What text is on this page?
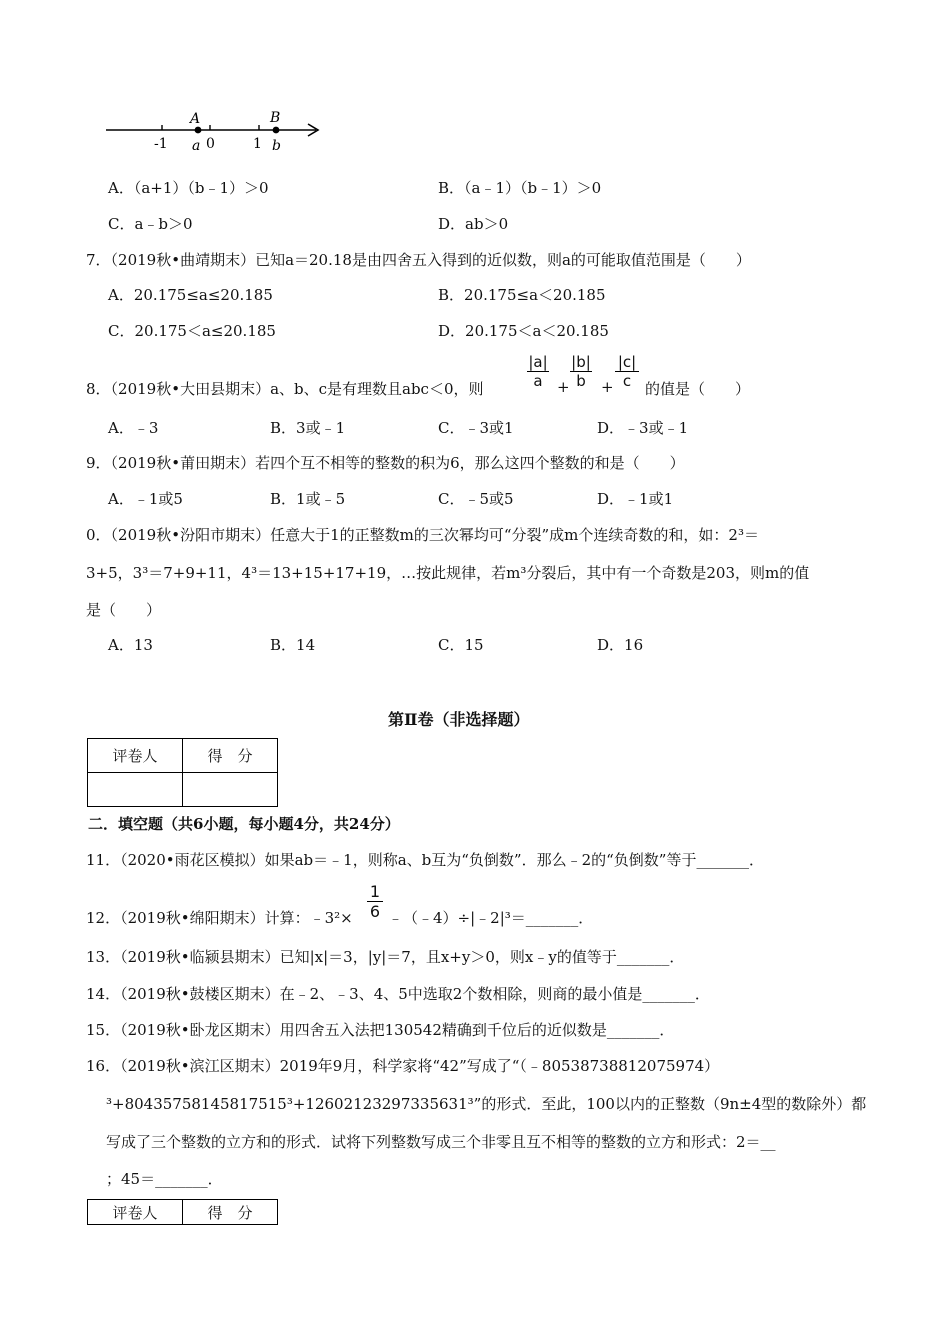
A	B
-1	0	1
a	b
A．（a+1）（b﹣1）＞0	B．（a﹣1）（b﹣1）＞0
C．a﹣b＞0	D．ab＞0
7．（2019秋•曲靖期末）已知a＝20.18是由四舍五入得到的近似数，则a的可能取值范围是（　　）
A．20.175≤a≤20.185	B．20.175≤a＜20.185
C．20.175＜a≤20.185	D．20.175＜a＜20.185
8．（2019秋•大田县期末）a、b、c是有理数且abc＜0，则	$\frac{|a|}{a} + \frac{|b|}{b} + \frac{|c|}{c}$ 的值是（　　）
A．﹣3	B．3或﹣1	C．﹣3或1	D．﹣3或﹣1
9．（2019秋•莆田期末）若四个互不相等的整数的积为6，那么这四个整数的和是（　　）
A．﹣1或5	B．1或﹣5	C．﹣5或5	D．﹣1或1
0．（2019秋•汾阳市期末）任意大于1的正整数m的三次幂均可“分裂”成m个连续奇数的和，如：2³＝
3+5，3³＝7+9+11，4³＝13+15+17+19，…按此规律，若m³分裂后，其中有一个奇数是203，则m的值
是（　　）
A．13	B．14	C．15	D．16
第Ⅱ卷（非选择题）
评卷人	得　分

二．填空题（共6小题，每小题4分，共24分）
11．（2020•雨花区模拟）如果ab＝﹣1，则称a、b互为“负倒数”．那么﹣2的“负倒数”等于_______．
12．（2019秋•绵阳期末）计算：﹣3²× $\frac{1}{6}$ ﹣（﹣4）÷|﹣2|³＝_______．
13．（2019秋•临颍县期末）已知|x|＝3，|y|＝7，且x+y＞0，则x﹣y的值等于_______．
14．（2019秋•鼓楼区期末）在﹣2、﹣3、4、5中选取2个数相除，则商的最小值是_______．
15．（2019秋•卧龙区期末）用四舍五入法把130542精确到千位后的近似数是_______．
16．（2019秋•滨江区期末）2019年9月，科学家将“42”写成了“（﹣80538738812075974）
³+80435758145817515³+12602123297335631³”的形式．至此，100以内的正整数（9n±4型的数除外）都
写成了三个整数的立方和的形式．试将下列整数写成三个非零且互不相等的整数的立方和形式：2＝__
；45＝_______．
评卷人	得　分
